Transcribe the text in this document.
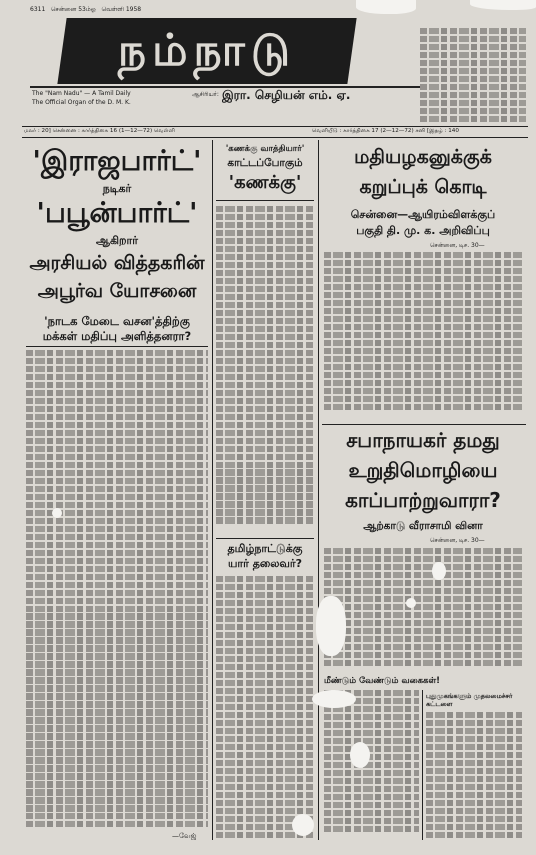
6311 சென்னை 53ம்ஓ வெள்ளி 1958
நம்நாடு
The "Nam Nadu" — A Tamil Daily
The Official Organ of the D. M. K.
ஆசிரியர்: இரா. செழியன் எம். ஏ.
மலர் : 20] சென்னை : கார்த்திகை 16 (1—12—72) வெள்ளி	வெளியீடு : கார்த்திகை 17 (2—12—72) சனி [இதழ் : 140
'இராஜபார்ட்'
நடிகர்
'பபூன்பார்ட்'
ஆகிறார்
அரசியல் வித்தகரின்
அபூர்வ யோசனை
'நாடக மேடை வசன'த்திற்கு
மக்கள் மதிப்பு அளித்தனரா?
—வேஜ்
'கணக்கு வாத்தியார்'
காட்டப்போகும்
'கணக்கு'
தமிழ்நாட்டுக்கு
யார் தலைவர்?
மதியழகனுக்குக்
கறுப்புக் கொடி
சென்னை—ஆயிரம்விளக்குப்
பகுதி தி. மு. க. அறிவிப்பு
சென்னை, டிச. 30—
சபாநாயகர் தமது
உறுதிமொழியை
காப்பாற்றுவாரா?
ஆற்காடு வீராசாமி வினா
சென்னை, டிச. 30—
மீண்டும் வேண்டும் வகைகள்!
புதுமுகங்களும் முதலமைச்சர் கட்டளை
